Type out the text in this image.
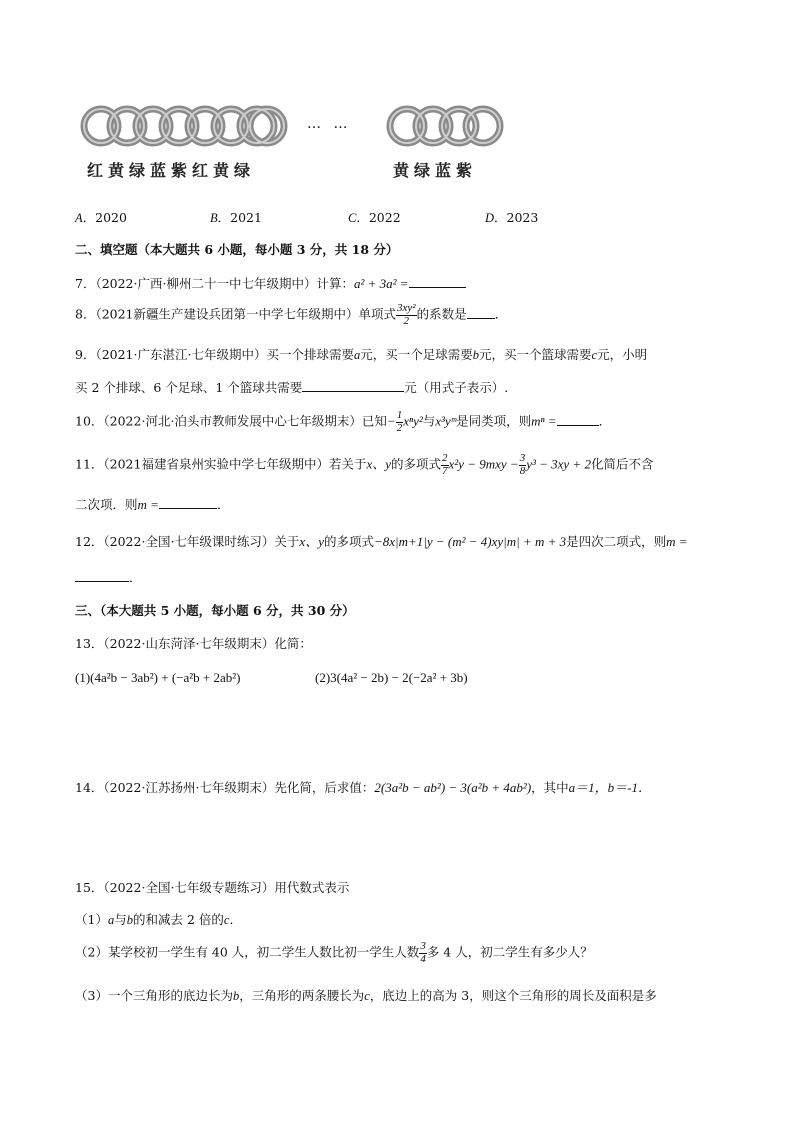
… …
红黄绿蓝紫红黄绿	黄绿蓝紫
A．2020	B．2021	C．2022	D．2023
二、填空题（本大题共 6 小题，每小题 3 分，共 18 分）
7．（2022·广西·柳州二十一中七年级期中）计算：a² + 3a² =
8．（2021新疆生产建设兵团第一中学七年级期中）单项式 $\frac{\text{3xy²}}{2}$ 的系数是 ．
9．（2021·广东湛江·七年级期中）买一个排球需要a元，买一个足球需要b元，买一个篮球需要c元，小明
买 2 个排球、6 个足球、1 个篮球共需要	元（用式子表示）.
10．（2022·河北·泊头市教师发展中心七年级期末）已知− $\frac{1}{2} x^ny^2$与x³yᵐ是同类项，则mⁿ =	．
11．（2021福建省泉州实验中学七年级期中）若关于x、y的多项式 $\frac{2}{7} x^2y - 9mxy - \frac{3}{8} y^3 - 3xy + 2$化简后不含
二次项．则m =	．
12．（2022·全国·七年级课时练习）关于x、y的多项式−8x|m+1|y − (m² − 4)xy|m| + m + 3是四次二项式，则m =
．
三、（本大题共 5 小题，每小题 6 分，共 30 分）
13．（2022·山东菏泽·七年级期末）化简：
(1)(4a²b − 3ab²) + (−a²b + 2ab²)	(2)3(4a² − 2b) − 2(−2a² + 3b)
14．（2022·江苏扬州·七年级期末）先化简，后求值：2(3a²b − ab²) − 3(a²b + 4ab²)，其中a＝1，b＝-1．
15．（2022·全国·七年级专题练习）用代数式表示
（1）a与b的和减去 2 倍的c．
（2）某学校初一学生有 40 人，初二学生人数比初一学生人数 $\frac{3}{4}$ 多 4 人，初二学生有多少人？
（3）一个三角形的底边长为b，三角形的两条腰长为c，底边上的高为 3，则这个三角形的周长及面积是多
